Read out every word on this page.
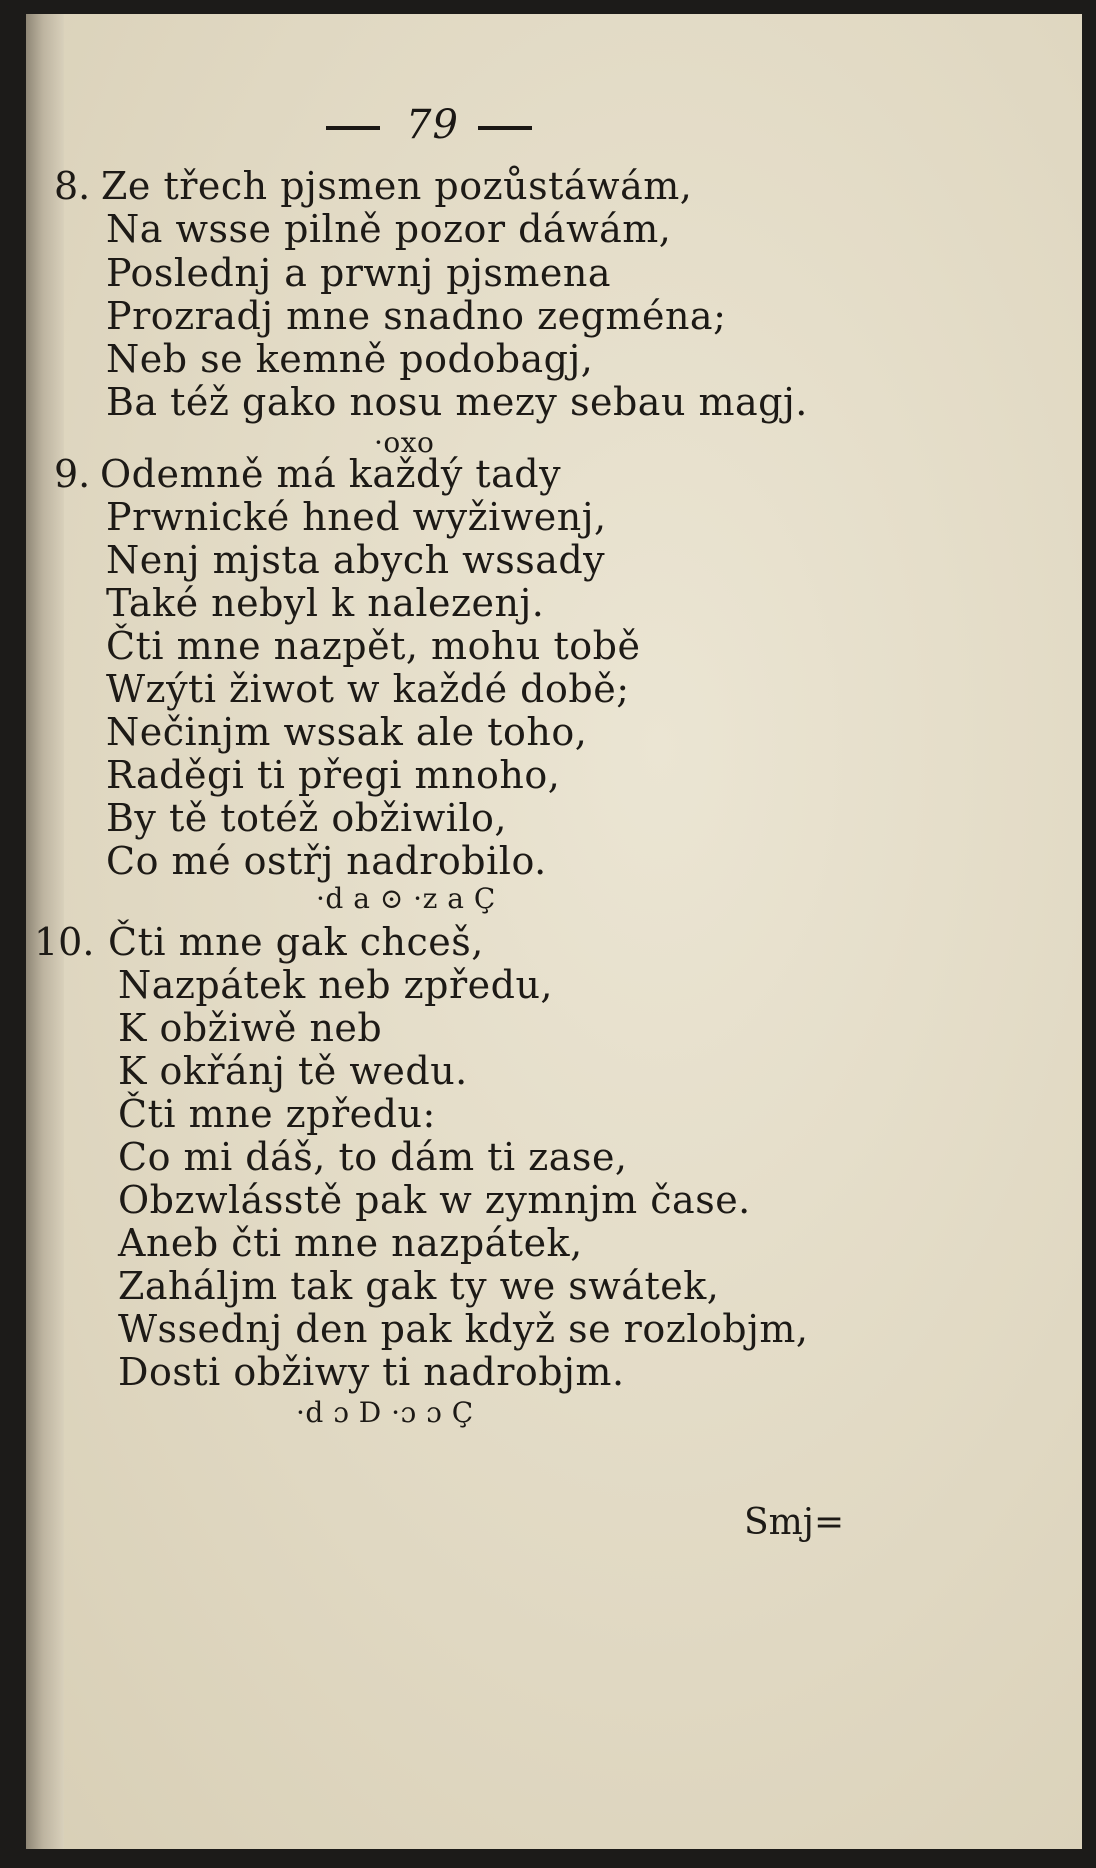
79
8. Ze třech pjsmen pozůstáwám,
Na wsse pilně pozor dáwám,
Poslednj a prwnj pjsmena
Prozradj mne snadno zegména;
Neb se kemně podobagj,
Ba též gako nosu mezy sebau magj.
·oxo
9. Odemně má každý tady
Prwnické hned wyžiwenj,
Nenj mjsta abych wssady
Také nebyl k nalezenj.
Čti mne nazpět, mohu tobě
Wzýti žiwot w každé době;
Nečinjm wssak ale toho,
Raděgi ti přegi mnoho,
By tě totéž obžiwilo,
Co mé ostřj nadrobilo.
·d a ⊙ ·z a Ç
10. Čti mne gak chceš,
Nazpátek neb zpředu,
K obžiwě neb
K okřánj tě wedu.
Čti mne zpředu:
Co mi dáš, to dám ti zase,
Obzwlásstě pak w zymnjm čase.
Aneb čti mne nazpátek,
Zahálјm tak gak ty we swátek,
Wssednj den pak když se rozlobjm,
Dosti obžiwy ti nadrobjm.
·d ɔ D ·ɔ ɔ Ç
Smj=
